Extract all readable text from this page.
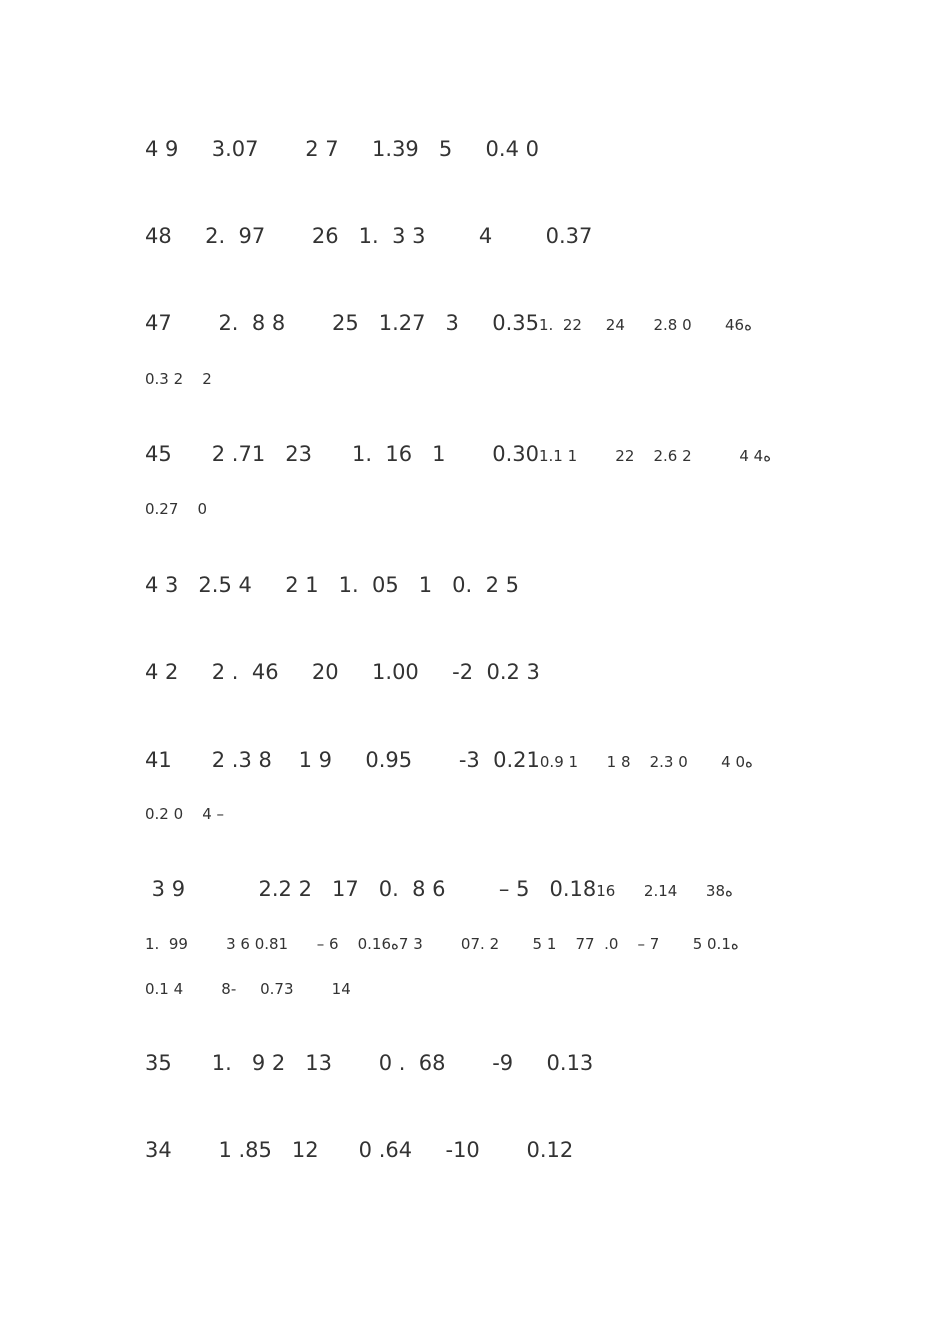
4 9     3.07       2 7     1.39   5     0.4 0

48     2.  97       26   1.  3 3        4        0.37

47       2.  8 8       25   1.27   3     0.351.  22     24      2.8 0       46ه

0.3 2    2

45      2 .71   23      1.  16   1       0.301.1 1        22    2.6 2          4 4ه

0.27    0

4 3   2.5 4     2 1   1.  05   1   0.  2 5

4 2     2 .  46     20     1.00     -2  0.2 3

41      2 .3 8    1 9     0.95       -3  0.210.9 1      1 8    2.3 0       4 0ه

0.2 0    4 –

3 9           2.2 2   17   0.  8 6        – 5   0.1816      2.14      38ه

1.  99        3 6 ه0.1 5       7 –    0.  77    1 5       2 .07        3 7ه0.16    6 –      0.81

0.1 4        8-     0.73        14

35      1.   9 2   13       0 .  68       -9     0.13

34       1 .85   12      0 .64     -10       0.12
